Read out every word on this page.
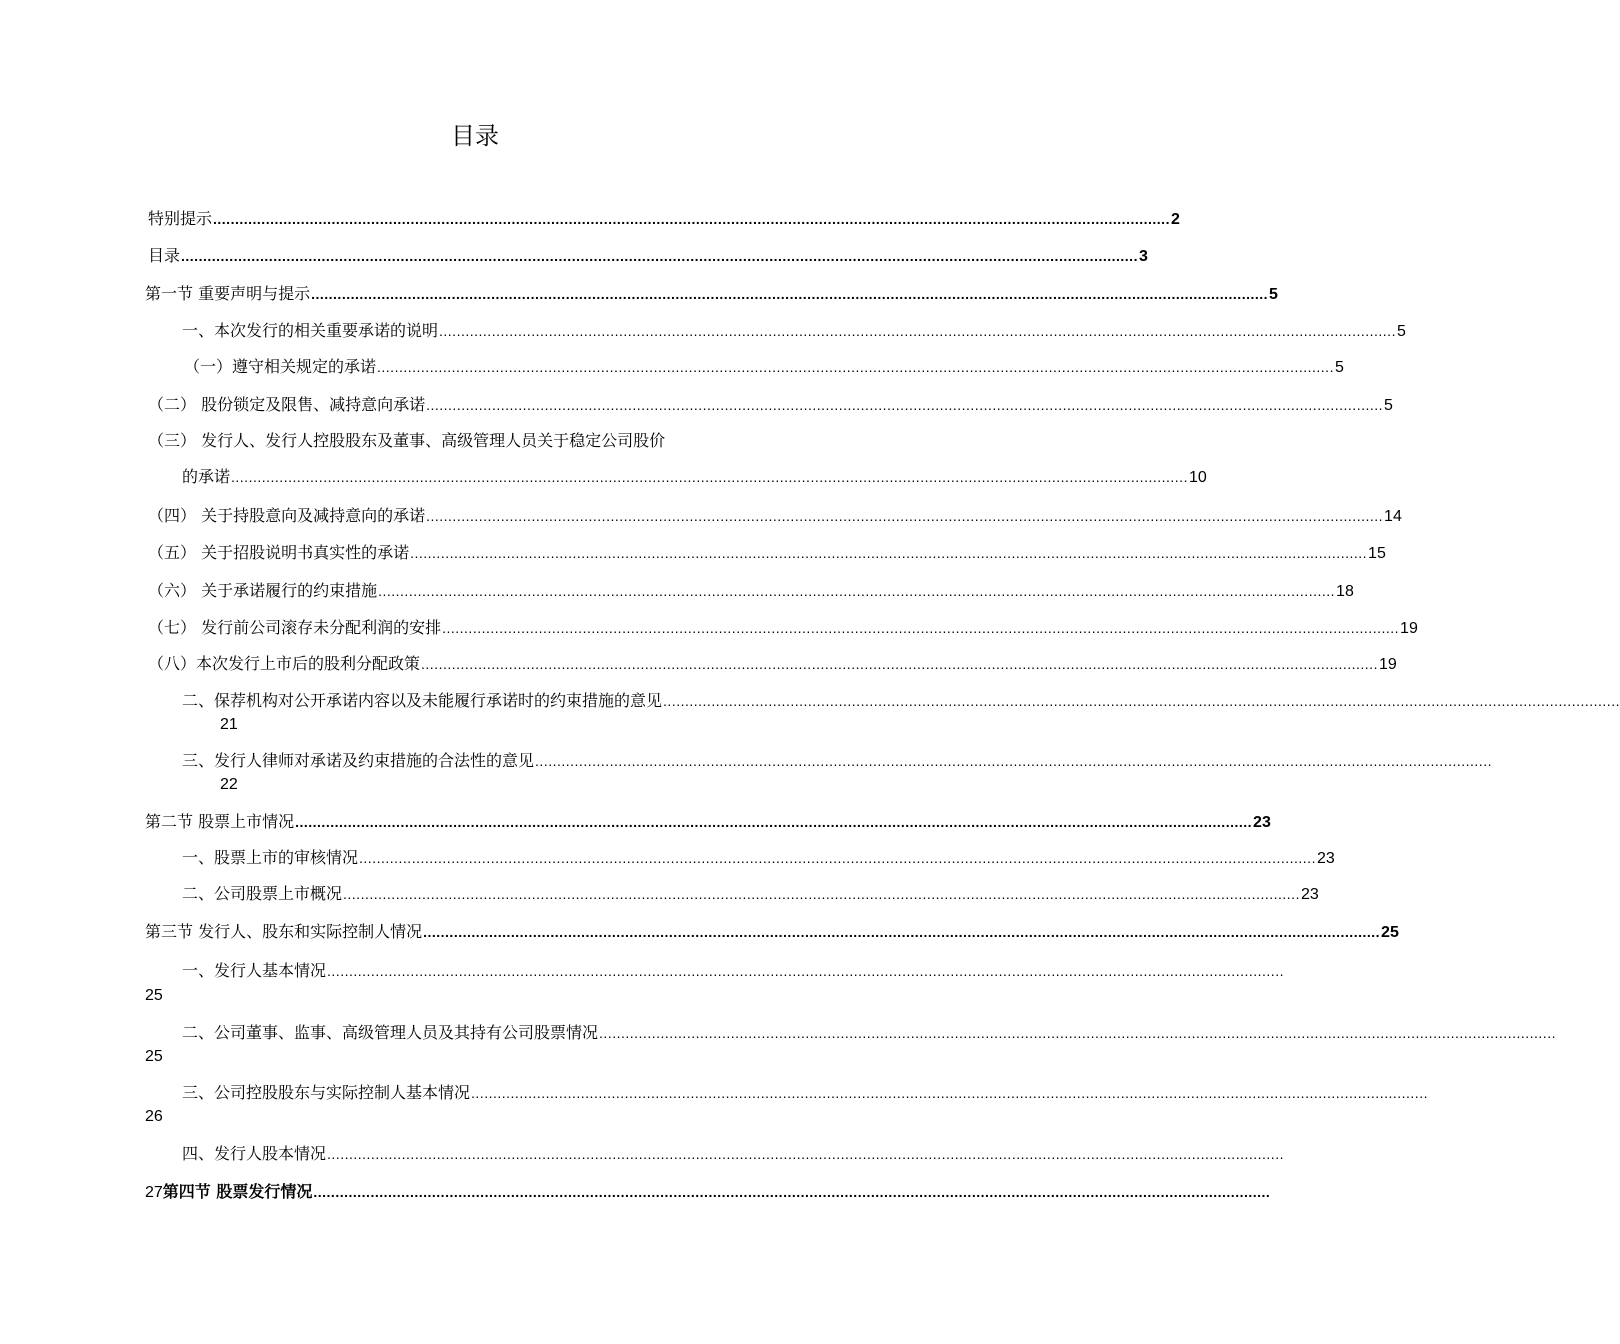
目录
特别提示 .......................................................................................................................................................................................................................... 2
目录 .......................................................................................................................................................................................................................... 3
第一节 重要声明与提示 .......................................................................................................................................................................................................................... 5
一、本次发行的相关重要承诺的说明 .......................................................................................................................................................................................................................... 5
（一）遵守相关规定的承诺 .......................................................................................................................................................................................................................... 5
（二） 股份锁定及限售、减持意向承诺 .......................................................................................................................................................................................................................... 5
（三） 发行人、发行人控股股东及董事、高级管理人员关于稳定公司股价
的承诺 .......................................................................................................................................................................................................................... 10
（四） 关于持股意向及减持意向的承诺 .......................................................................................................................................................................................................................... 14
（五） 关于招股说明书真实性的承诺 .......................................................................................................................................................................................................................... 15
（六） 关于承诺履行的约束措施 .......................................................................................................................................................................................................................... 18
（七） 发行前公司滚存未分配利润的安排 .......................................................................................................................................................................................................................... 19
（八）本次发行上市后的股利分配政策 .......................................................................................................................................................................................................................... 19
二、 保荐机构对公开承诺内容以及未能履行承诺时的约束措施的意见 ..........................................................................................................................................................................................................................
21
三、 发行人律师对承诺及约束措施的合法性的意见 ..........................................................................................................................................................................................................................
22
第二节 股票上市情况 .......................................................................................................................................................................................................................... 23
一、股票上市的审核情况 .......................................................................................................................................................................................................................... 23
二、公司股票上市概况 .......................................................................................................................................................................................................................... 23
第三节 发行人、股东和实际控制人情况 .......................................................................................................................................................................................................................... 25
一、 发行人基本情况 ..........................................................................................................................................................................................................................
25
二、 公司董事、监事、高级管理人员及其持有公司股票情况 ..........................................................................................................................................................................................................................
25
三、 公司控股股东与实际控制人基本情况 ..........................................................................................................................................................................................................................
26
四、 发行人股本情况 ..........................................................................................................................................................................................................................
27 第四节 股票发行情况 ..........................................................................................................................................................................................................................
